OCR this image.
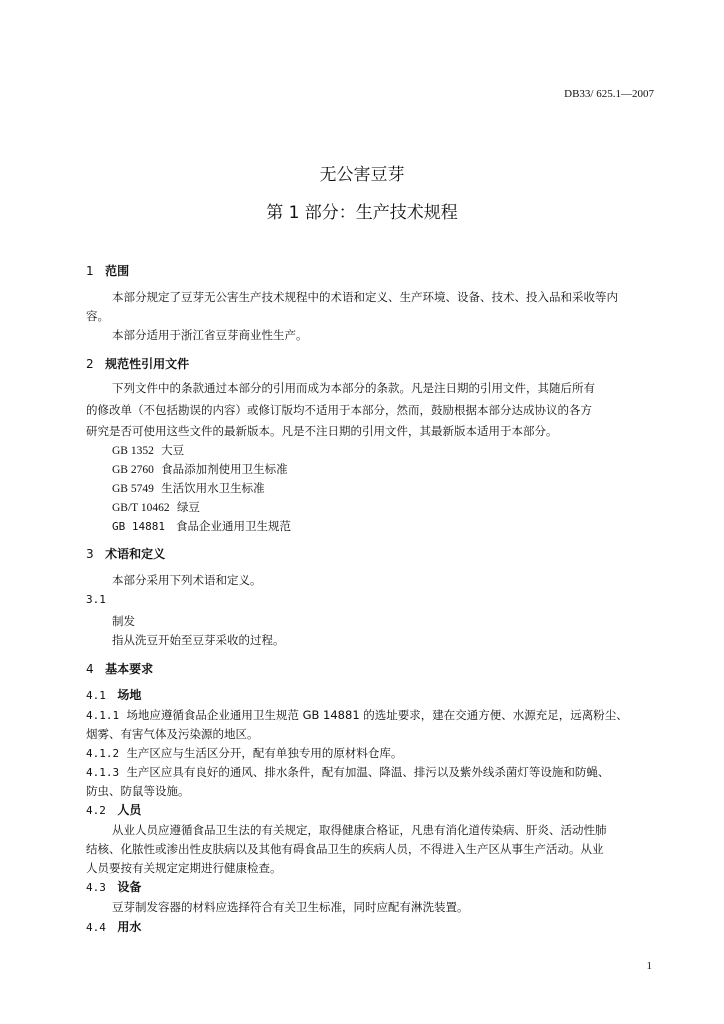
DB33/ 625.1—2007
无公害豆芽
第 1 部分：生产技术规程
1 范围
本部分规定了豆芽无公害生产技术规程中的术语和定义、生产环境、设备、技术、投入品和采收等内
容。
本部分适用于浙江省豆芽商业性生产。
2 规范性引用文件
下列文件中的条款通过本部分的引用而成为本部分的条款。凡是注日期的引用文件，其随后所有
的修改单（不包括勘误的内容）或修订版均不适用于本部分，然而，鼓励根据本部分达成协议的各方
研究是否可使用这些文件的最新版本。凡是不注日期的引用文件，其最新版本适用于本部分。
GB 1352 大豆
GB 2760 食品添加剂使用卫生标准
GB 5749 生活饮用水卫生标准
GB/T 10462 绿豆
GB 14881 食品企业通用卫生规范
3 术语和定义
本部分采用下列术语和定义。
3.1
制发
指从洗豆开始至豆芽采收的过程。
4 基本要求
4.1 场地
4.1.1 场地应遵循食品企业通用卫生规范 GB 14881 的选址要求，建在交通方便、水源充足，远离粉尘、
烟雾、有害气体及污染源的地区。
4.1.2 生产区应与生活区分开，配有单独专用的原材料仓库。
4.1.3 生产区应具有良好的通风、排水条件，配有加温、降温、排污以及紫外线杀菌灯等设施和防蝇、
防虫、防鼠等设施。
4.2 人员
从业人员应遵循食品卫生法的有关规定，取得健康合格证，凡患有消化道传染病、肝炎、活动性肺
结核、化脓性或渗出性皮肤病以及其他有碍食品卫生的疾病人员，不得进入生产区从事生产活动。从业
人员要按有关规定定期进行健康检查。
4.3 设备
豆芽制发容器的材料应选择符合有关卫生标准，同时应配有淋洗装置。
4.4 用水
1
